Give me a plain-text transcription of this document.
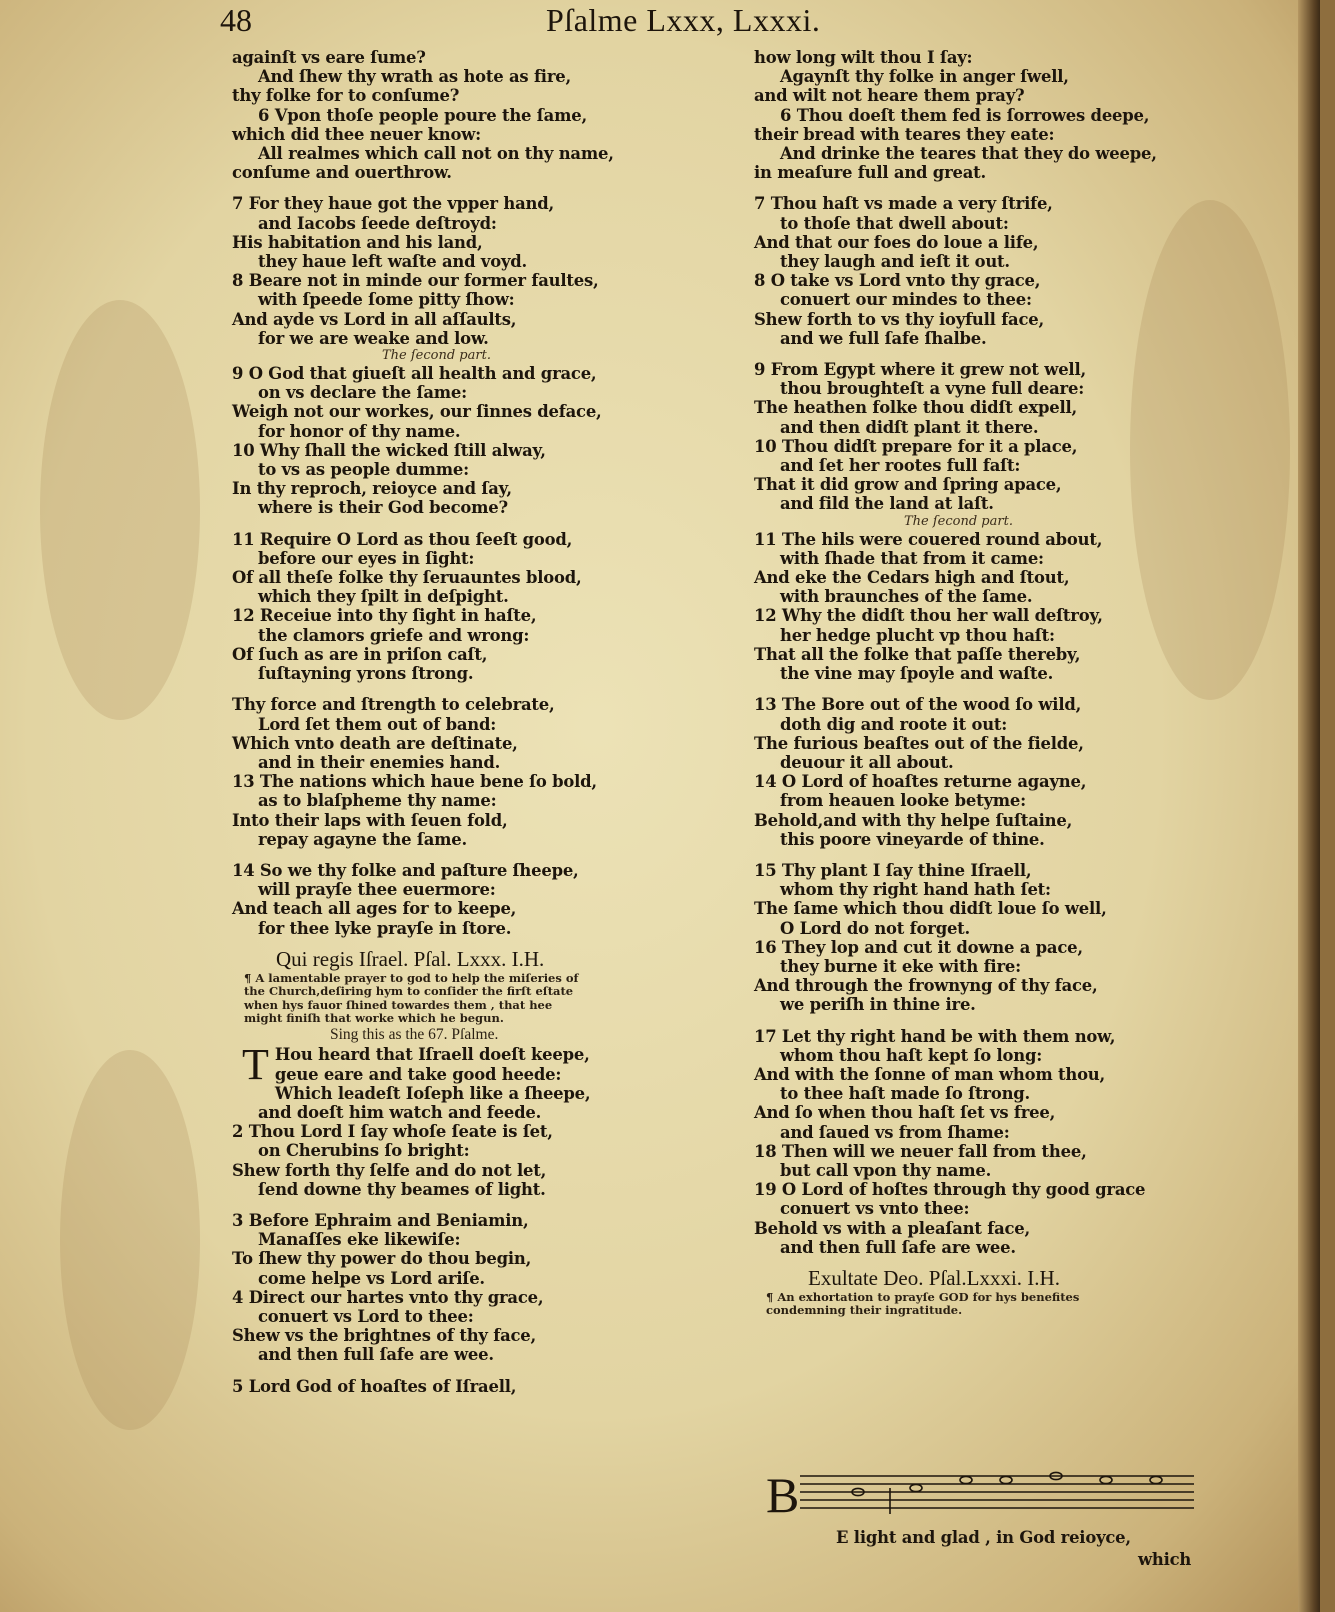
48	Pſalme Lxxx, Lxxxi.
againſt vs eare ſume?
And ſhew thy wrath as hote as fire,
thy folke for to conſume?
6 Vpon thoſe people poure the ſame,
which did thee neuer know:
All realmes which call not on thy name,
conſume and ouerthrow.
7 For they haue got the vpper hand,
and Iacobs ſeede deſtroyd:
His habitation and his land,
they haue left waſte and voyd.
8 Beare not in minde our former faultes,
with ſpeede ſome pitty ſhow:
And ayde vs Lord in all aſſaults,
for we are weake and low.
The ſecond part.
9 O God that giueſt all health and grace,
on vs declare the ſame:
Weigh not our workes, our ſinnes deface,
for honor of thy name.
10 Why ſhall the wicked ſtill alway,
to vs as people dumme:
In thy reproch, reioyce and ſay,
where is their God become?
11 Require O Lord as thou ſeeſt good,
before our eyes in ſight:
Of all theſe folke thy ſeruauntes blood,
which they ſpilt in deſpight.
12 Receiue into thy ſight in haſte,
the clamors griefe and wrong:
Of ſuch as are in priſon caſt,
ſuſtayning yrons ſtrong.
Thy force and ſtrength to celebrate,
Lord ſet them out of band:
Which vnto death are deſtinate,
and in their enemies hand.
13 The nations which haue bene ſo bold,
as to blaſpheme thy name:
Into their laps with ſeuen fold,
repay agayne the ſame.
14 So we thy folke and paſture ſheepe,
will prayſe thee euermore:
And teach all ages for to keepe,
for thee lyke prayſe in ſtore.
Qui regis Iſrael. Pſal. Lxxx. I.H.
¶ A lamentable prayer to god to help the miſeries of
the Church,deſiring hym to conſider the firſt eſtate
when hys fauor ſhined towardes them , that hee
might finiſh that worke which he begun.
Sing this as the 67. Pſalme.
T Hou heard that Iſraell doeſt keepe,
geue eare and take good heede:
Which leadeſt Ioſeph like a ſheepe,
and doeſt him watch and feede.
2 Thou Lord I ſay whoſe ſeate is ſet,
on Cherubins ſo bright:
Shew forth thy ſelfe and do not let,
ſend downe thy beames of light.
3 Before Ephraim and Beniamin,
Manaſſes eke likewiſe:
To ſhew thy power do thou begin,
come helpe vs Lord ariſe.
4 Direct our hartes vnto thy grace,
conuert vs Lord to thee:
Shew vs the brightnes of thy face,
and then full ſafe are wee.
5 Lord God of hoaſtes of Iſraell,
how long wilt thou I ſay:
Agaynſt thy folke in anger ſwell,
and wilt not heare them pray?
6 Thou doeſt them fed is ſorrowes deepe,
their bread with teares they eate:
And drinke the teares that they do weepe,
in meaſure full and great.
7 Thou haſt vs made a very ſtrife,
to thoſe that dwell about:
And that our foes do loue a life,
they laugh and ieſt it out.
8 O take vs Lord vnto thy grace,
conuert our mindes to thee:
Shew forth to vs thy ioyfull face,
and we full ſafe ſhalbe.
9 From Egypt where it grew not well,
thou broughteſt a vyne full deare:
The heathen folke thou didſt expell,
and then didſt plant it there.
10 Thou didſt prepare for it a place,
and ſet her rootes full faſt:
That it did grow and ſpring apace,
and fild the land at laſt.
The ſecond part.
11 The hils were couered round about,
with ſhade that from it came:
And eke the Cedars high and ſtout,
with braunches of the ſame.
12 Why the didſt thou her wall deſtroy,
her hedge plucht vp thou haſt:
That all the folke that paſſe thereby,
the vine may ſpoyle and waſte.
13 The Bore out of the wood ſo wild,
doth dig and roote it out:
The furious beaſtes out of the fielde,
deuour it all about.
14 O Lord of hoaſtes returne agayne,
from heauen looke betyme:
Behold,and with thy helpe ſuſtaine,
this poore vineyarde of thine.
15 Thy plant I ſay thine Iſraell,
whom thy right hand hath ſet:
The ſame which thou didſt loue ſo well,
O Lord do not forget.
16 They lop and cut it downe a pace,
they burne it eke with fire:
And through the frownyng of thy face,
we periſh in thine ire.
17 Let thy right hand be with them now,
whom thou haſt kept ſo long:
And with the ſonne of man whom thou,
to thee haſt made ſo ſtrong.
And ſo when thou haſt ſet vs free,
and ſaued vs from ſhame:
18 Then will we neuer fall from thee,
but call vpon thy name.
19 O Lord of hoſtes through thy good grace
conuert vs vnto thee:
Behold vs with a pleaſant face,
and then full ſafe are wee.
Exultate Deo. Pſal.Lxxxi. I.H.
¶ An exhortation to prayſe GOD for hys benefites
condemning their ingratitude.
B
E light and glad , in God reioyce,
which
